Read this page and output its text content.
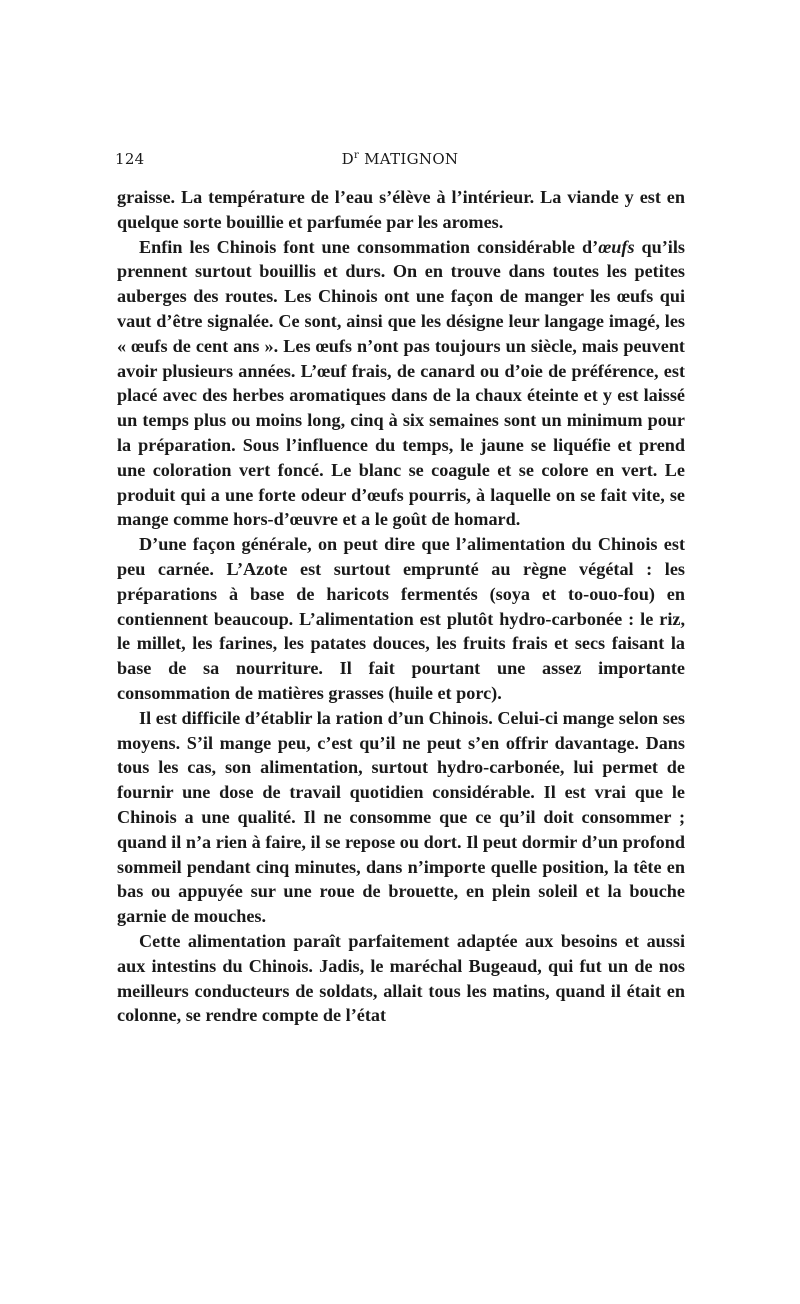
124	$D^r$ MATIGNON

graisse. La température de l’eau s’élève à l’intérieur. La viande y est en quelque sorte bouillie et parfumée par les aromes.

Enfin les Chinois font une consommation considérable d’œufs qu’ils prennent surtout bouillis et durs. On en trouve dans toutes les petites auberges des routes. Les Chinois ont une façon de manger les œufs qui vaut d’être signalée. Ce sont, ainsi que les désigne leur langage imagé, les « œufs de cent ans ». Les œufs n’ont pas toujours un siècle, mais peuvent avoir plusieurs années. L’œuf frais, de canard ou d’oie de préférence, est placé avec des herbes aromatiques dans de la chaux éteinte et y est laissé un temps plus ou moins long, cinq à six semaines sont un minimum pour la préparation. Sous l’influence du temps, le jaune se liquéfie et prend une coloration vert foncé. Le blanc se coagule et se colore en vert. Le produit qui a une forte odeur d’œufs pourris, à laquelle on se fait vite, se mange comme hors-d’œuvre et a le goût de homard.

D’une façon générale, on peut dire que l’alimentation du Chinois est peu carnée. L’Azote est surtout emprunté au règne végétal : les préparations à base de haricots fermentés (soya et to-ouo-fou) en contiennent beaucoup. L’alimentation est plutôt hydro-carbonée : le riz, le millet, les farines, les patates douces, les fruits frais et secs faisant la base de sa nourriture. Il fait pourtant une assez importante consommation de matières grasses (huile et porc).

Il est difficile d’établir la ration d’un Chinois. Celui-ci mange selon ses moyens. S’il mange peu, c’est qu’il ne peut s’en offrir davantage. Dans tous les cas, son alimentation, surtout hydro-carbonée, lui permet de fournir une dose de travail quotidien considérable. Il est vrai que le Chinois a une qualité. Il ne consomme que ce qu’il doit consommer ; quand il n’a rien à faire, il se repose ou dort. Il peut dormir d’un profond sommeil pendant cinq minutes, dans n’importe quelle position, la tête en bas ou appuyée sur une roue de brouette, en plein soleil et la bouche garnie de mouches.

Cette alimentation paraît parfaitement adaptée aux besoins et aussi aux intestins du Chinois. Jadis, le maréchal Bugeaud, qui fut un de nos meilleurs conducteurs de soldats, allait tous les matins, quand il était en colonne, se rendre compte de l’état
